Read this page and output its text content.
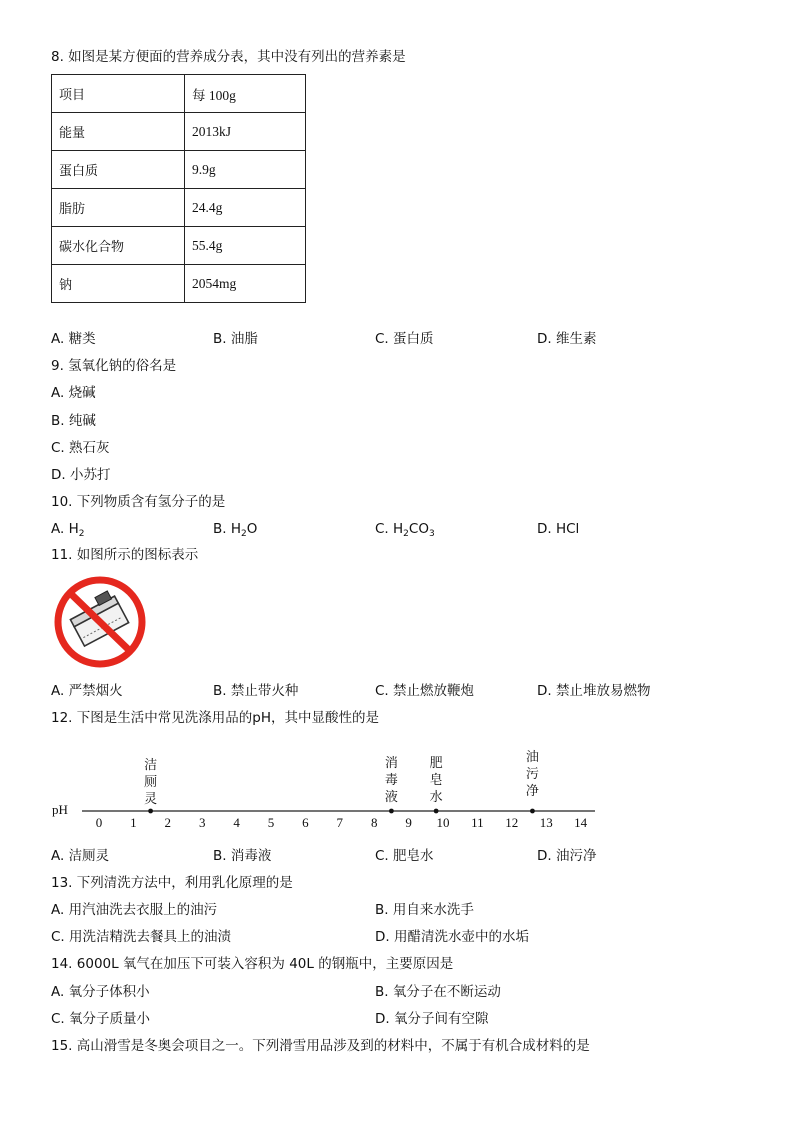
8. 如图是某方便面的营养成分表，其中没有列出的营养素是
项目	每 100g
能量	2013kJ
蛋白质	9.9g
脂肪	24.4g
碳水化合物	55.4g
钠	2054mg
A. 糖类	B. 油脂	C. 蛋白质	D. 维生素
9. 氢氧化钠的俗名是
A. 烧碱
B. 纯碱
C. 熟石灰
D. 小苏打
10. 下列物质含有氢分子的是
A. $H_2$	B. $H_2O$	C. $H_2CO_3$	D. HCl
11. 如图所示的图标表示
A. 严禁烟火	B. 禁止带火种	C. 禁止燃放鞭炮	D. 禁止堆放易燃物
12. 下图是生活中常见洗涤用品的pH，其中显酸性的是
pH
0	1	2	3	4	5	6	7	8	9	10 11 12 13 14
洁
厕
灵
消
毒
液
肥
皂
水
油
污
净
A. 洁厕灵	B. 消毒液	C. 肥皂水	D. 油污净
13. 下列清洗方法中，利用乳化原理的是
A. 用汽油洗去衣服上的油污	B. 用自来水洗手
C. 用洗洁精洗去餐具上的油渍	D. 用醋清洗水壶中的水垢
14. 6000L 氧气在加压下可装入容积为 40L 的钢瓶中，主要原因是
A. 氧分子体积小	B. 氧分子在不断运动
C. 氧分子质量小	D. 氧分子间有空隙
15. 高山滑雪是冬奥会项目之一。下列滑雪用品涉及到的材料中，不属于有机合成材料的是
